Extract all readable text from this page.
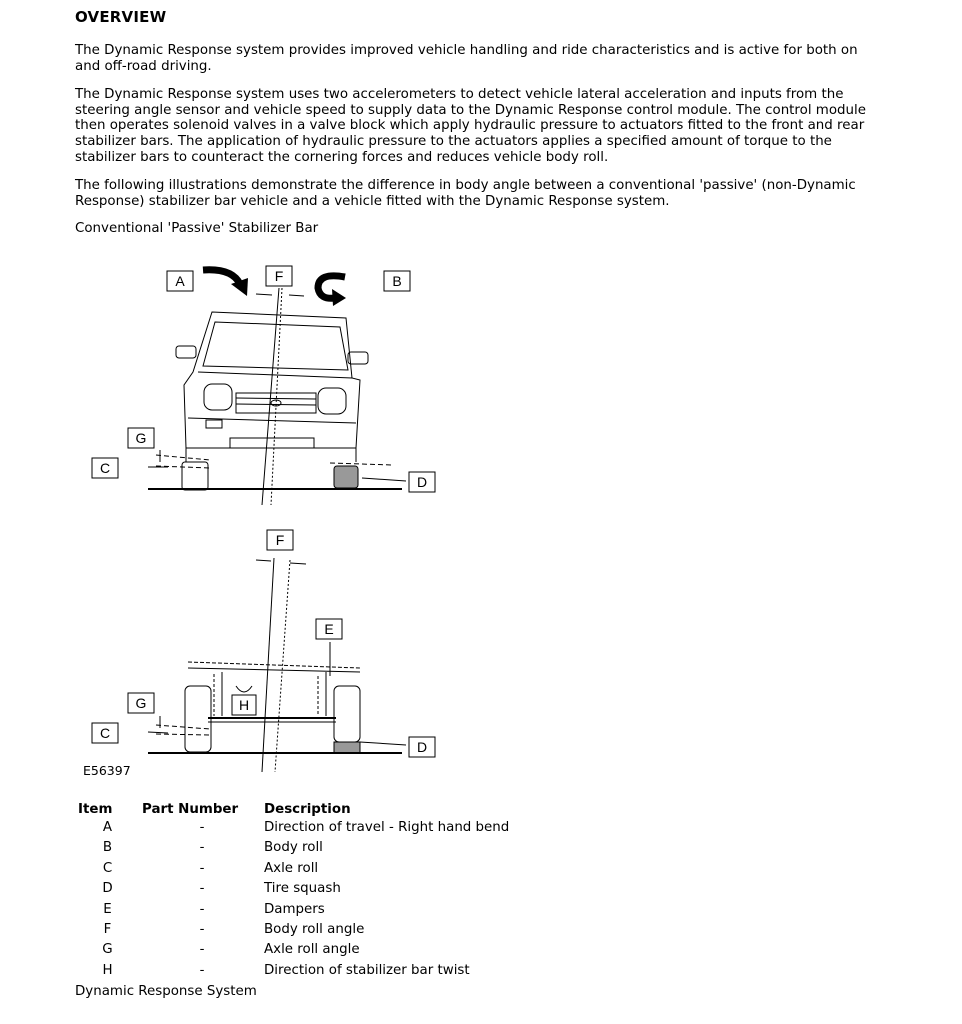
OVERVIEW

The Dynamic Response system provides improved vehicle handling and ride characteristics and is active for both on and off-road driving.

The Dynamic Response system uses two accelerometers to detect vehicle lateral acceleration and inputs from the steering angle sensor and vehicle speed to supply data to the Dynamic Response control module. The control module then operates solenoid valves in a valve block which apply hydraulic pressure to actuators fitted to the front and rear stabilizer bars. The application of hydraulic pressure to the actuators applies a specified amount of torque to the stabilizer bars to counteract the cornering forces and reduces vehicle body roll.

The following illustrations demonstrate the difference in body angle between a conventional 'passive' (non-Dynamic Response) stabilizer bar vehicle and a vehicle fitted with the Dynamic Response system.

Conventional 'Passive' Stabilizer Bar

A	F	B
G
C
D
F
E
G	H
C
D
E56397
Item	Part Number	Description
A	-	Direction of travel - Right hand bend
B	-	Body roll
C	-	Axle roll
D	-	Tire squash
E	-	Dampers
F	-	Body roll angle
G	-	Axle roll angle
H	-	Direction of stabilizer bar twist

Dynamic Response System
